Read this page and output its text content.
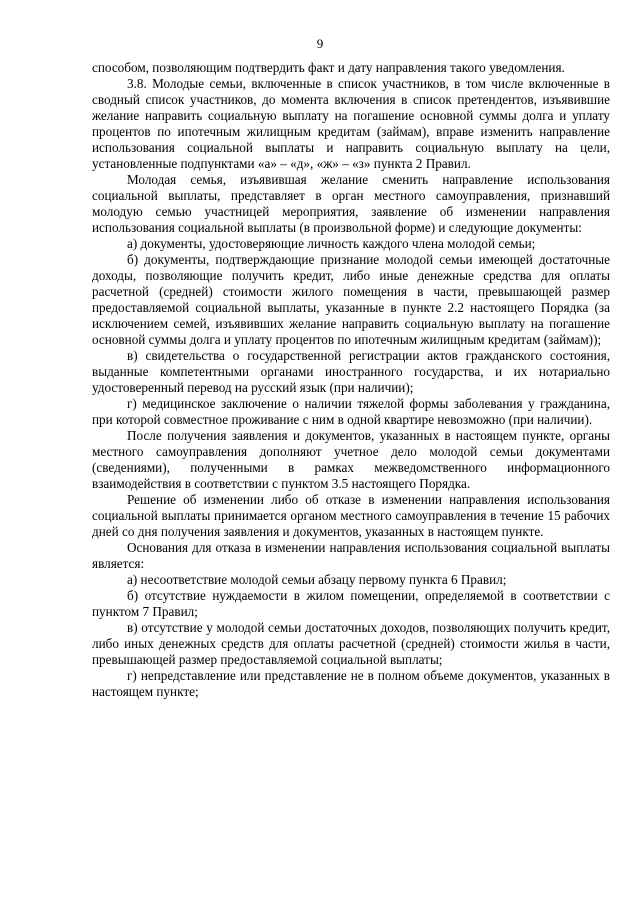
9

способом, позволяющим подтвердить факт и дату направления такого уведомления.

3.8. Молодые семьи, включенные в список участников, в том числе включенные в сводный список участников, до момента включения в список претендентов, изъявившие желание направить социальную выплату на погашение основной суммы долга и уплату процентов по ипотечным жилищным кредитам (займам), вправе изменить направление использования социальной выплаты и направить социальную выплату на цели, установленные подпунктами «а» – «д», «ж» – «з» пункта 2 Правил.

Молодая семья, изъявившая желание сменить направление использования социальной выплаты, представляет в орган местного самоуправления, признавший молодую семью участницей мероприятия, заявление об изменении направления использования социальной выплаты (в произвольной форме) и следующие документы:

а) документы, удостоверяющие личность каждого члена молодой семьи;

б) документы, подтверждающие признание молодой семьи имеющей достаточные доходы, позволяющие получить кредит, либо иные денежные средства для оплаты расчетной (средней) стоимости жилого помещения в части, превышающей размер предоставляемой социальной выплаты, указанные в пункте 2.2 настоящего Порядка (за исключением семей, изъявивших желание направить социальную выплату на погашение основной суммы долга и уплату процентов по ипотечным жилищным кредитам (займам));

в) свидетельства о государственной регистрации актов гражданского состояния, выданные компетентными органами иностранного государства, и их нотариально удостоверенный перевод на русский язык (при наличии);

г) медицинское заключение о наличии тяжелой формы заболевания у гражданина, при которой совместное проживание с ним в одной квартире невозможно (при наличии).

После получения заявления и документов, указанных в настоящем пункте, органы местного самоуправления дополняют учетное дело молодой семьи документами (сведениями), полученными в рамках межведомственного информационного взаимодействия в соответствии с пунктом 3.5 настоящего Порядка.

Решение об изменении либо об отказе в изменении направления использования социальной выплаты принимается органом местного самоуправления в течение 15 рабочих дней со дня получения заявления и документов, указанных в настоящем пункте.

Основания для отказа в изменении направления использования социальной выплаты является:

а) несоответствие молодой семьи абзацу первому пункта 6 Правил;

б) отсутствие нуждаемости в жилом помещении, определяемой в соответствии с пунктом 7 Правил;

в) отсутствие у молодой семьи достаточных доходов, позволяющих получить кредит, либо иных денежных средств для оплаты расчетной (средней) стоимости жилья в части, превышающей размер предоставляемой социальной выплаты;

г) непредставление или представление не в полном объеме документов, указанных в настоящем пункте;
